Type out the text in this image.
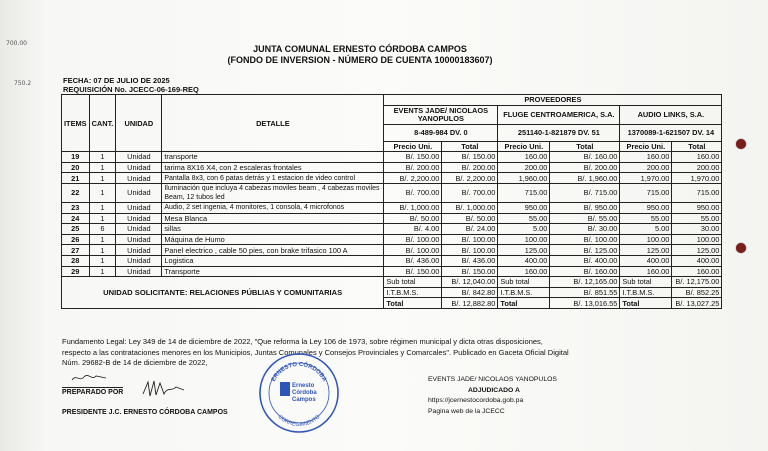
700.00
750.2
JUNTA COMUNAL ERNESTO CÓRDOBA CAMPOS
(FONDO DE INVERSION - NÚMERO DE CUENTA 10000183607)
FECHA: 07 DE JULIO DE 2025
REQUISICIÓN No. JCECC-06-169-REQ
ITEMS	CANT.	UNIDAD	DETALLE	PROVEEDORES					
				EVENTS JADE/ NICOLAOS YANOPULOS		FLUGE CENTROAMERICA, S.A.		AUDIO LINKS, S.A.	
				8-489-984 DV. 0		251140-1-821879 DV. 51		1370089-1-621507 DV. 14	
				Precio Uni.	Total	Precio Uni.	Total	Precio Uni.	Total
19	1	Unidad	transporte	B/. 150.00	B/. 150.00	160.00	B/. 160.00	160.00	160.00
20	1	Unidad	tarima 8X16 X4, con 2 escaleras frontales	B/. 200.00	B/. 200.00	200.00	B/. 200.00	200.00	200.00
21	1	Unidad	Pantalla 8x3, con 6 patas detrás y 1 estacion de video control	B/. 2,200.00	B/. 2,200.00	1,960.00	B/. 1,960.00	1,970.00	1,970.00
22	1	Unidad	Iluminación que incluya 4 cabezas moviles beam , 4 cabezas moviles Beam, 12 tubos led	B/. 700.00	B/. 700.00	715.00	B/. 715.00	715.00	715.00
23	1	Unidad	Audio, 2 set ingenia, 4 monitores, 1 consola, 4 microfonos	B/. 1,000.00	B/. 1,000.00	950.00	B/. 950.00	950.00	950.00
24	1	Unidad	Mesa Blanca	B/. 50.00	B/. 50.00	55.00	B/. 55.00	55.00	55.00
25	6	Unidad	sillas	B/. 4.00	B/. 24.00	5.00	B/. 30.00	5.00	30.00
26	1	Unidad	Máquina de Humo	B/. 100.00	B/. 100.00	100.00	B/. 100.00	100.00	100.00
27	1	Unidad	Panel electrico , cable 50 pies, con brake trifasico 100 A	B/. 100.00	B/. 100.00	125.00	B/. 125.00	125.00	125.00
28	1	Unidad	Logistica	B/. 436.00	B/. 436.00	400.00	B/. 400.00	400.00	400.00
29	1	Unidad	Transporte	B/. 150.00	B/. 150.00	160.00	B/. 160.00	160.00	160.00
UNIDAD SOLICITANTE: RELACIONES PÚBLIAS Y COMUNITARIAS				Sub total	B/. 12,040.00	Sub total	B/. 12,165.00	Sub total	B/. 12,175.00
				I.T.B.M.S.	B/. 842.80	I.T.B.M.S.	B/. 851.55	I.T.B.M.S.	B/. 852.25
				Total	B/. 12,882.80	Total	B/. 13,016.55	Total	B/. 13,027.25
Fundamento Legal: Ley 349 de 14 de diciembre de 2022, "Que reforma la Ley 106 de 1973, sobre régimen municipal y dicta otras disposiciones,
respecto a las contrataciones menores en los Municipios, Juntas Comunales y Consejos Provinciales y Comarcales". Publicado en Gaceta Oficial Digital
Núm. 29682-B de 14 de diciembre de 2022,
PREPARADO POR
PRESIDENTE J.C. ERNESTO CÓRDOBA CAMPOS
ERNESTO CÓRDOBA
CORREGIMIENTO
Ernesto
Córdoba
Campos
EVENTS JADE/ NICOLAOS YANOPULOS
ADJUDICADO A
https://jcernestocordoba.gob.pa
Pagina web de la JCECC
